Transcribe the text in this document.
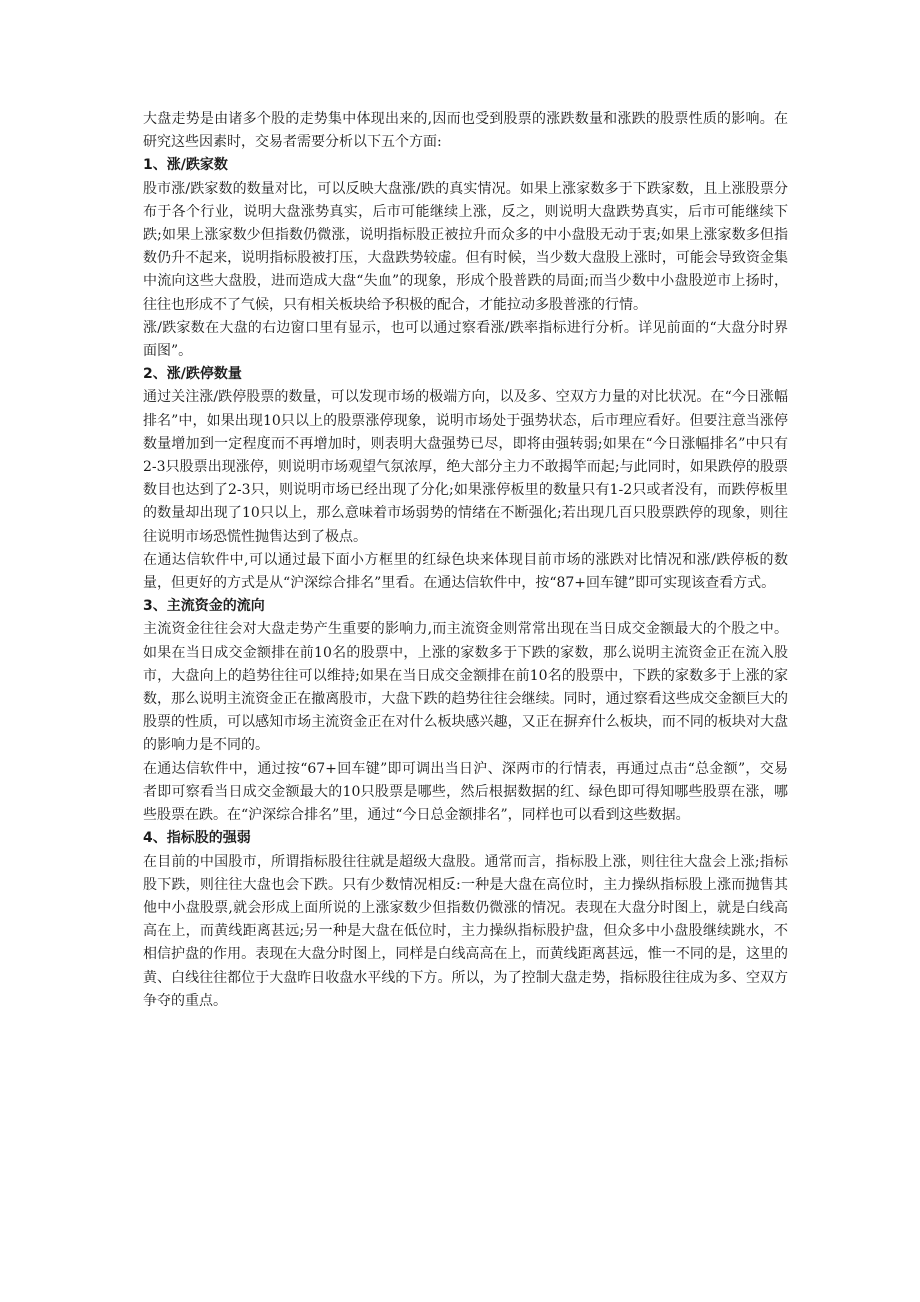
大盘走势是由诸多个股的走势集中体现出来的,因而也受到股票的涨跌数量和涨跌的股票性质的影响。在研究这些因素时，交易者需要分析以下五个方面:

1、涨/跌家数

股市涨/跌家数的数量对比，可以反映大盘涨/跌的真实情况。如果上涨家数多于下跌家数，且上涨股票分布于各个行业，说明大盘涨势真实，后市可能继续上涨，反之，则说明大盘跌势真实，后市可能继续下跌;如果上涨家数少但指数仍微涨，说明指标股正被拉升而众多的中小盘股无动于衷;如果上涨家数多但指数仍升不起来，说明指标股被打压，大盘跌势较虚。但有时候，当少数大盘股上涨时，可能会导致资金集中流向这些大盘股，进而造成大盘“失血”的现象，形成个股普跌的局面;而当少数中小盘股逆市上扬时，往往也形成不了气候，只有相关板块给予积极的配合，才能拉动多股普涨的行情。

涨/跌家数在大盘的右边窗口里有显示，也可以通过察看涨/跌率指标进行分析。详见前面的“大盘分时界面图”。

2、涨/跌停数量

通过关注涨/跌停股票的数量，可以发现市场的极端方向，以及多、空双方力量的对比状况。在“今日涨幅排名”中，如果出现10只以上的股票涨停现象，说明市场处于强势状态，后市理应看好。但要注意当涨停数量增加到一定程度而不再增加时，则表明大盘强势已尽，即将由强转弱;如果在“今日涨幅排名”中只有2-3只股票出现涨停，则说明市场观望气氛浓厚，绝大部分主力不敢揭竿而起;与此同时，如果跌停的股票数目也达到了2-3只，则说明市场已经出现了分化;如果涨停板里的数量只有1-2只或者没有，而跌停板里的数量却出现了10只以上，那么意味着市场弱势的情绪在不断强化;若出现几百只股票跌停的现象，则往往说明市场恐慌性抛售达到了极点。

在通达信软件中,可以通过最下面小方框里的红绿色块来体现目前市场的涨跌对比情况和涨/跌停板的数量，但更好的方式是从“沪深综合排名”里看。在通达信软件中，按“87+回车键”即可实现该查看方式。

3、主流资金的流向

主流资金往往会对大盘走势产生重要的影响力,而主流资金则常常出现在当日成交金额最大的个股之中。如果在当日成交金额排在前10名的股票中，上涨的家数多于下跌的家数，那么说明主流资金正在流入股市，大盘向上的趋势往往可以维持;如果在当日成交金额排在前10名的股票中，下跌的家数多于上涨的家数，那么说明主流资金正在撤离股市，大盘下跌的趋势往往会继续。同时，通过察看这些成交金额巨大的股票的性质，可以感知市场主流资金正在对什么板块感兴趣，又正在摒弃什么板块，而不同的板块对大盘的影响力是不同的。

在通达信软件中，通过按“67+回车键”即可调出当日沪、深两市的行情表，再通过点击“总金额”，交易者即可察看当日成交金额最大的10只股票是哪些，然后根据数据的红、绿色即可得知哪些股票在涨，哪些股票在跌。在“沪深综合排名”里，通过“今日总金额排名”，同样也可以看到这些数据。

4、指标股的强弱

在目前的中国股市，所谓指标股往往就是超级大盘股。通常而言，指标股上涨，则往往大盘会上涨;指标股下跌，则往往大盘也会下跌。只有少数情况相反:一种是大盘在高位时，主力操纵指标股上涨而抛售其他中小盘股票,就会形成上面所说的上涨家数少但指数仍微涨的情况。表现在大盘分时图上，就是白线高高在上，而黄线距离甚远;另一种是大盘在低位时，主力操纵指标股护盘，但众多中小盘股继续跳水，不相信护盘的作用。表现在大盘分时图上，同样是白线高高在上，而黄线距离甚远，惟一不同的是，这里的黄、白线往往都位于大盘昨日收盘水平线的下方。所以，为了控制大盘走势，指标股往往成为多、空双方争夺的重点。
